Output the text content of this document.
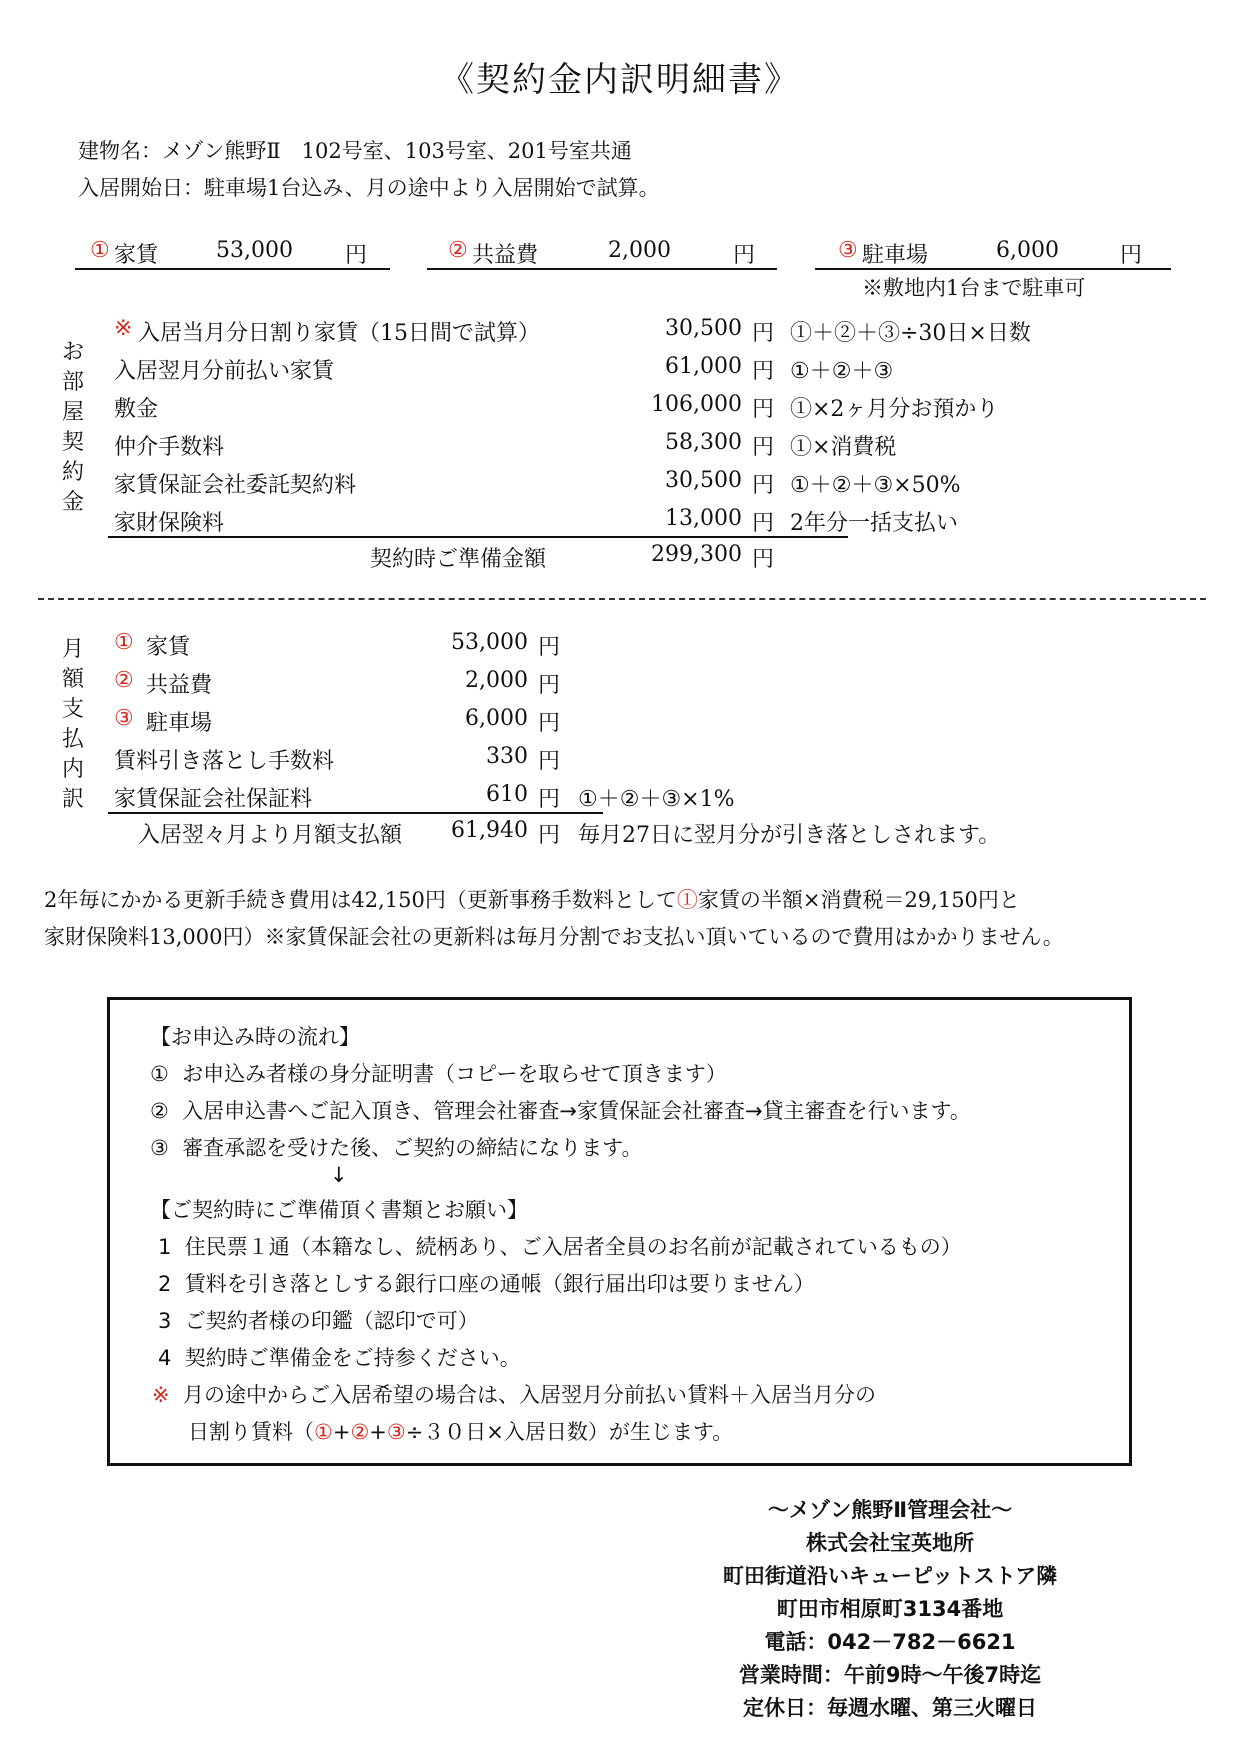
《契約金内訳明細書》
建物名：メゾン熊野Ⅱ　102号室、103号室、201号室共通
入居開始日：駐車場1台込み、月の途中より入居開始で試算。
① 家賃	53,000 円	② 共益費	2,000	円	③ 駐車場	6,000	円
※敷地内1台まで駐車可
お
部
屋
契
約
金
※ 入居当月分日割り家賃（15日間で試算）	30,500 円 ①＋②＋③÷30日×日数
入居翌月分前払い家賃	61,000 円 ①＋②＋③
敷金	106,000 円 ①×2ヶ月分お預かり
仲介手数料	58,300 円 ①×消費税
家賃保証会社委託契約料	30,500 円 ①＋②＋③×50%
家財保険料	13,000 円 2年分一括支払い
契約時ご準備金額	299,300 円
月
額
支
払
内
訳
① 家賃	53,000 円
② 共益費	2,000 円
③ 駐車場	6,000 円
賃料引き落とし手数料	330 円
家賃保証会社保証料	610 円 ①＋②＋③×1%
入居翌々月より月額支払額	61,940 円 毎月27日に翌月分が引き落としされます。
2年毎にかかる更新手続き費用は42,150円（更新事務手数料として①家賃の半額×消費税＝29,150円と
家財保険料13,000円）※家賃保証会社の更新料は毎月分割でお支払い頂いているので費用はかかりません。
【お申込み時の流れ】
① お申込み者様の身分証明書（コピーを取らせて頂きます）
② 入居申込書へご記入頂き、管理会社審査→家賃保証会社審査→貸主審査を行います。
③ 審査承認を受けた後、ご契約の締結になります。
↓
【ご契約時にご準備頂く書類とお願い】
1 住民票１通（本籍なし、続柄あり、ご入居者全員のお名前が記載されているもの）
2 賃料を引き落としする銀行口座の通帳（銀行届出印は要りません）
3 ご契約者様の印鑑（認印で可）
4 契約時ご準備金をご持参ください。
※ 月の途中からご入居希望の場合は、入居翌月分前払い賃料＋入居当月分の
日割り賃料（①+②+③÷３０日×入居日数）が生じます。
～メゾン熊野Ⅱ管理会社～
株式会社宝英地所
町田街道沿いキューピットストア隣
町田市相原町3134番地
電話：042－782－6621
営業時間：午前9時～午後7時迄
定休日：毎週水曜、第三火曜日
